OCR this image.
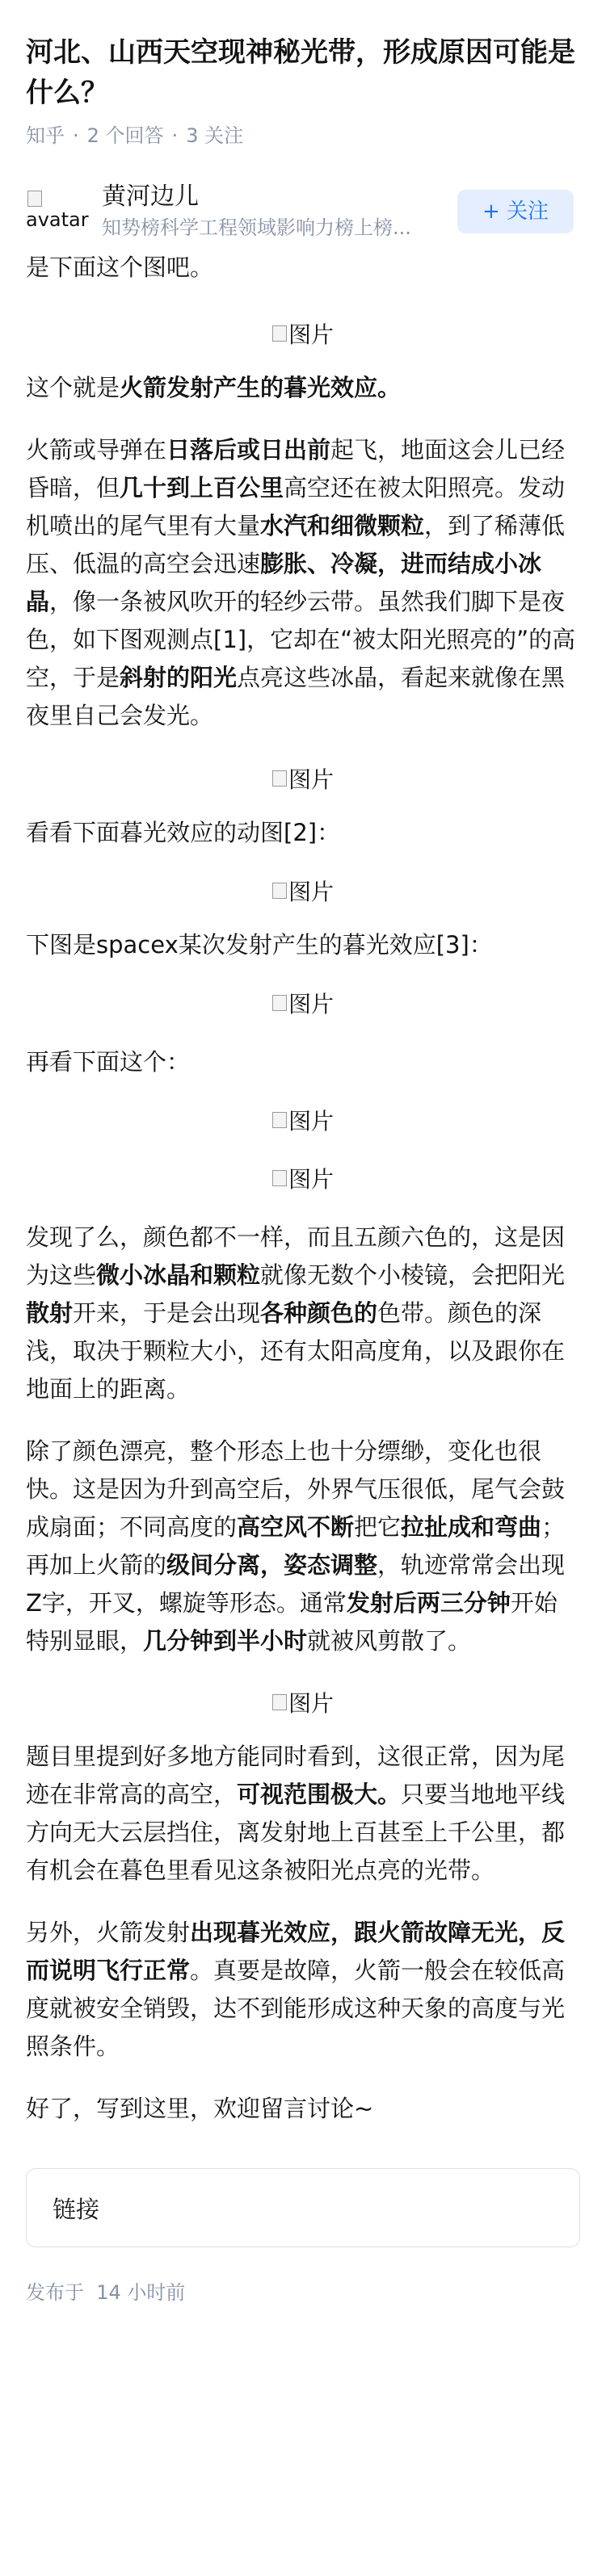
河北、山西天空现神秘光带，形成原因可能是什么？
知乎 · 2 个回答 · 3 关注
avatar
黄河边儿
知势榜科学工程领域影响力榜上榜...
+ 关注

是下面这个图吧。

图片

这个就是火箭发射产生的暮光效应。

火箭或导弹在日落后或日出前起飞，地面这会儿已经昏暗，但几十到上百公里高空还在被太阳照亮。发动机喷出的尾气里有大量水汽和细微颗粒，到了稀薄低压、低温的高空会迅速膨胀、冷凝，进而结成小冰晶，像一条被风吹开的轻纱云带。虽然我们脚下是夜色，如下图观测点[1]，它却在“被太阳光照亮的”的高空，于是斜射的阳光点亮这些冰晶，看起来就像在黑夜里自己会发光。

图片

看看下面暮光效应的动图[2]：

图片

下图是spacex某次发射产生的暮光效应[3]：

图片

再看下面这个：

图片
图片

发现了么，颜色都不一样，而且五颜六色的，这是因为这些微小冰晶和颗粒就像无数个小棱镜，会把阳光散射开来，于是会出现各种颜色的色带。颜色的深浅，取决于颗粒大小，还有太阳高度角，以及跟你在地面上的距离。

除了颜色漂亮，整个形态上也十分缥缈，变化也很快。这是因为升到高空后，外界气压很低，尾气会鼓成扇面；不同高度的高空风不断把它拉扯成和弯曲；再加上火箭的级间分离，姿态调整，轨迹常常会出现Z字，开叉，螺旋等形态。通常发射后两三分钟开始特别显眼，几分钟到半小时就被风剪散了。

图片

题目里提到好多地方能同时看到，这很正常，因为尾迹在非常高的高空，可视范围极大。只要当地地平线方向无大云层挡住，离发射地上百甚至上千公里，都有机会在暮色里看见这条被阳光点亮的光带。

另外，火箭发射出现暮光效应，跟火箭故障无光，反而说明飞行正常。真要是故障，火箭一般会在较低高度就被安全销毁，达不到能形成这种天象的高度与光照条件。

好了，写到这里，欢迎留言讨论~

链接
发布于  14 小时前
